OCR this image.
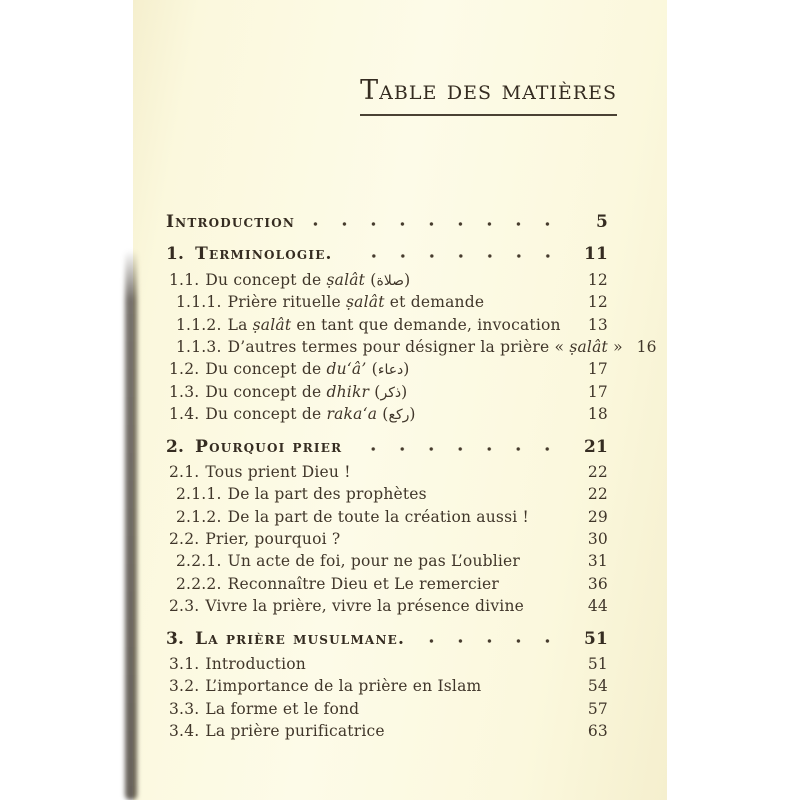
Table des matières
Introduction	5
1. Terminologie.	11
1.1. Du concept de ṣalât (صلاة)	12
1.1.1. Prière rituelle ṣalât et demande	12
1.1.2. La ṣalât en tant que demande, invocation	13
1.1.3. D’autres termes pour désigner la prière « ṣalât » 16
1.2. Du concept de du‘â’ (دعاء)	17
1.3. Du concept de dhikr (ذكر)	17
1.4. Du concept de raka‘a (ركع)	18
2. Pourquoi prier	21
2.1. Tous prient Dieu !	22
2.1.1. De la part des prophètes	22
2.1.2. De la part de toute la création aussi !	29
2.2. Prier, pourquoi ?	30
2.2.1. Un acte de foi, pour ne pas L’oublier	31
2.2.2. Reconnaître Dieu et Le remercier	36
2.3. Vivre la prière, vivre la présence divine	44
3. La prière musulmane.	51
3.1. Introduction	51
3.2. L’importance de la prière en Islam	54
3.3. La forme et le fond	57
3.4. La prière purificatrice	63
